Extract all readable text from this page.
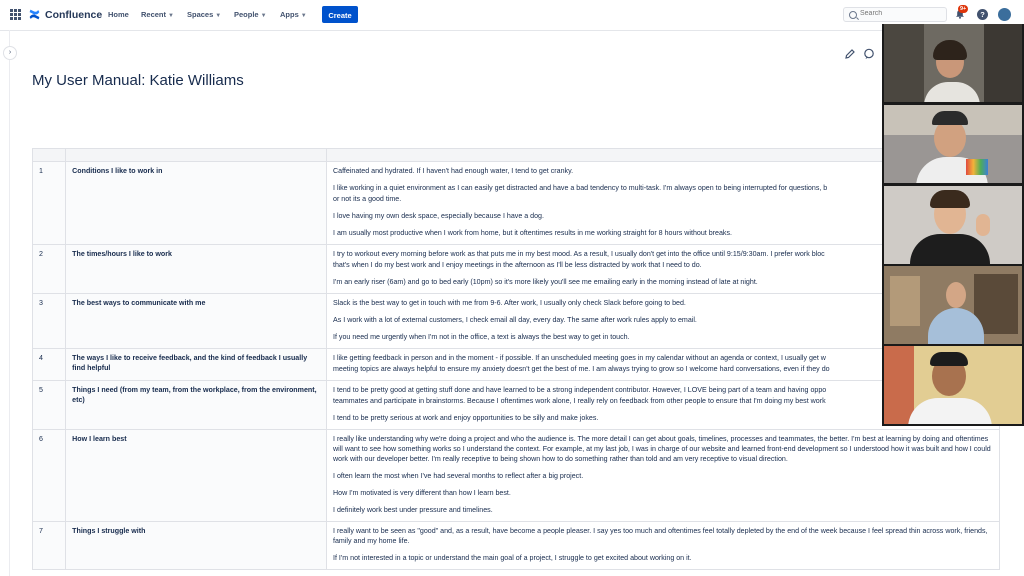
Confluence Home Recent ▼ Spaces ▼ People ▼ Apps ▼	Create
Search
9+
?
›
My User Manual: Katie Williams

1	Conditions I like to work in	Caffeinated and hydrated. If I haven't had enough water, I tend to get cranky.

I like working in a quiet environment as I can easily get distracted and have a bad tendency to multi-task. I'm always open to being interrupted for questions, b

or not its a good time.

I love having my own desk space, especially because I have a dog.

I am usually most productive when I work from home, but it oftentimes results in me working straight for 8 hours without breaks.

2	The times/hours I like to work	I try to workout every morning before work as that puts me in my best mood. As a result, I usually don't get into the office until 9:15/9:30am. I prefer work bloc

that's when I do my best work and I enjoy meetings in the afternoon as I'll be less distracted by work that I need to do.

I'm an early riser (6am) and go to bed early (10pm) so it's more likely you'll see me emailing early in the morning instead of late at night.

3	The best ways to communicate with me	Slack is the best way to get in touch with me from 9-6. After work, I usually only check Slack before going to bed.

As I work with a lot of external customers, I check email all day, every day. The same after work rules apply to email.

If you need me urgently when I'm not in the office, a text is always the best way to get in touch.

4	The ways I like to receive feedback, and the kind of feedback I usually find helpful	I like getting feedback in person and in the moment - if possible. If an unscheduled meeting goes in my calendar without an agenda or context, I usually get w

meeting topics are always helpful to ensure my anxiety doesn't get the best of me. I am always trying to grow so I welcome hard conversations, even if they do

5	Things I need (from my team, from the workplace, from the environment, etc)	I tend to be pretty good at getting stuff done and have learned to be a strong independent contributor. However, I LOVE being part of a team and having oppo

teammates and participate in brainstorms. Because I oftentimes work alone, I really rely on feedback from other people to ensure that I'm doing my best work

I tend to be pretty serious at work and enjoy opportunities to be silly and make jokes.

6	How I learn best	I really like understanding why we're doing a project and who the audience is. The more detail I can get about goals, timelines, processes and teammates, the better. I'm best at learning by doing and oftentimes will want to see how something works so I understand the context. For example, at my last job, I was in charge of our website and learned front-end development so I understood how it was built and how I could work with our developer better. I'm really receptive to being shown how to do something rather than told and am very receptive to visual direction.

I often learn the most when I've had several months to reflect after a big project.

How I'm motivated is very different than how I learn best.

I definitely work best under pressure and timelines.

7	Things I struggle with	I really want to be seen as "good" and, as a result, have become a people pleaser. I say yes too much and oftentimes feel totally depleted by the end of the week because I feel spread thin across work, friends, family and my home life.

If I'm not interested in a topic or understand the main goal of a project, I struggle to get excited about working on it.
